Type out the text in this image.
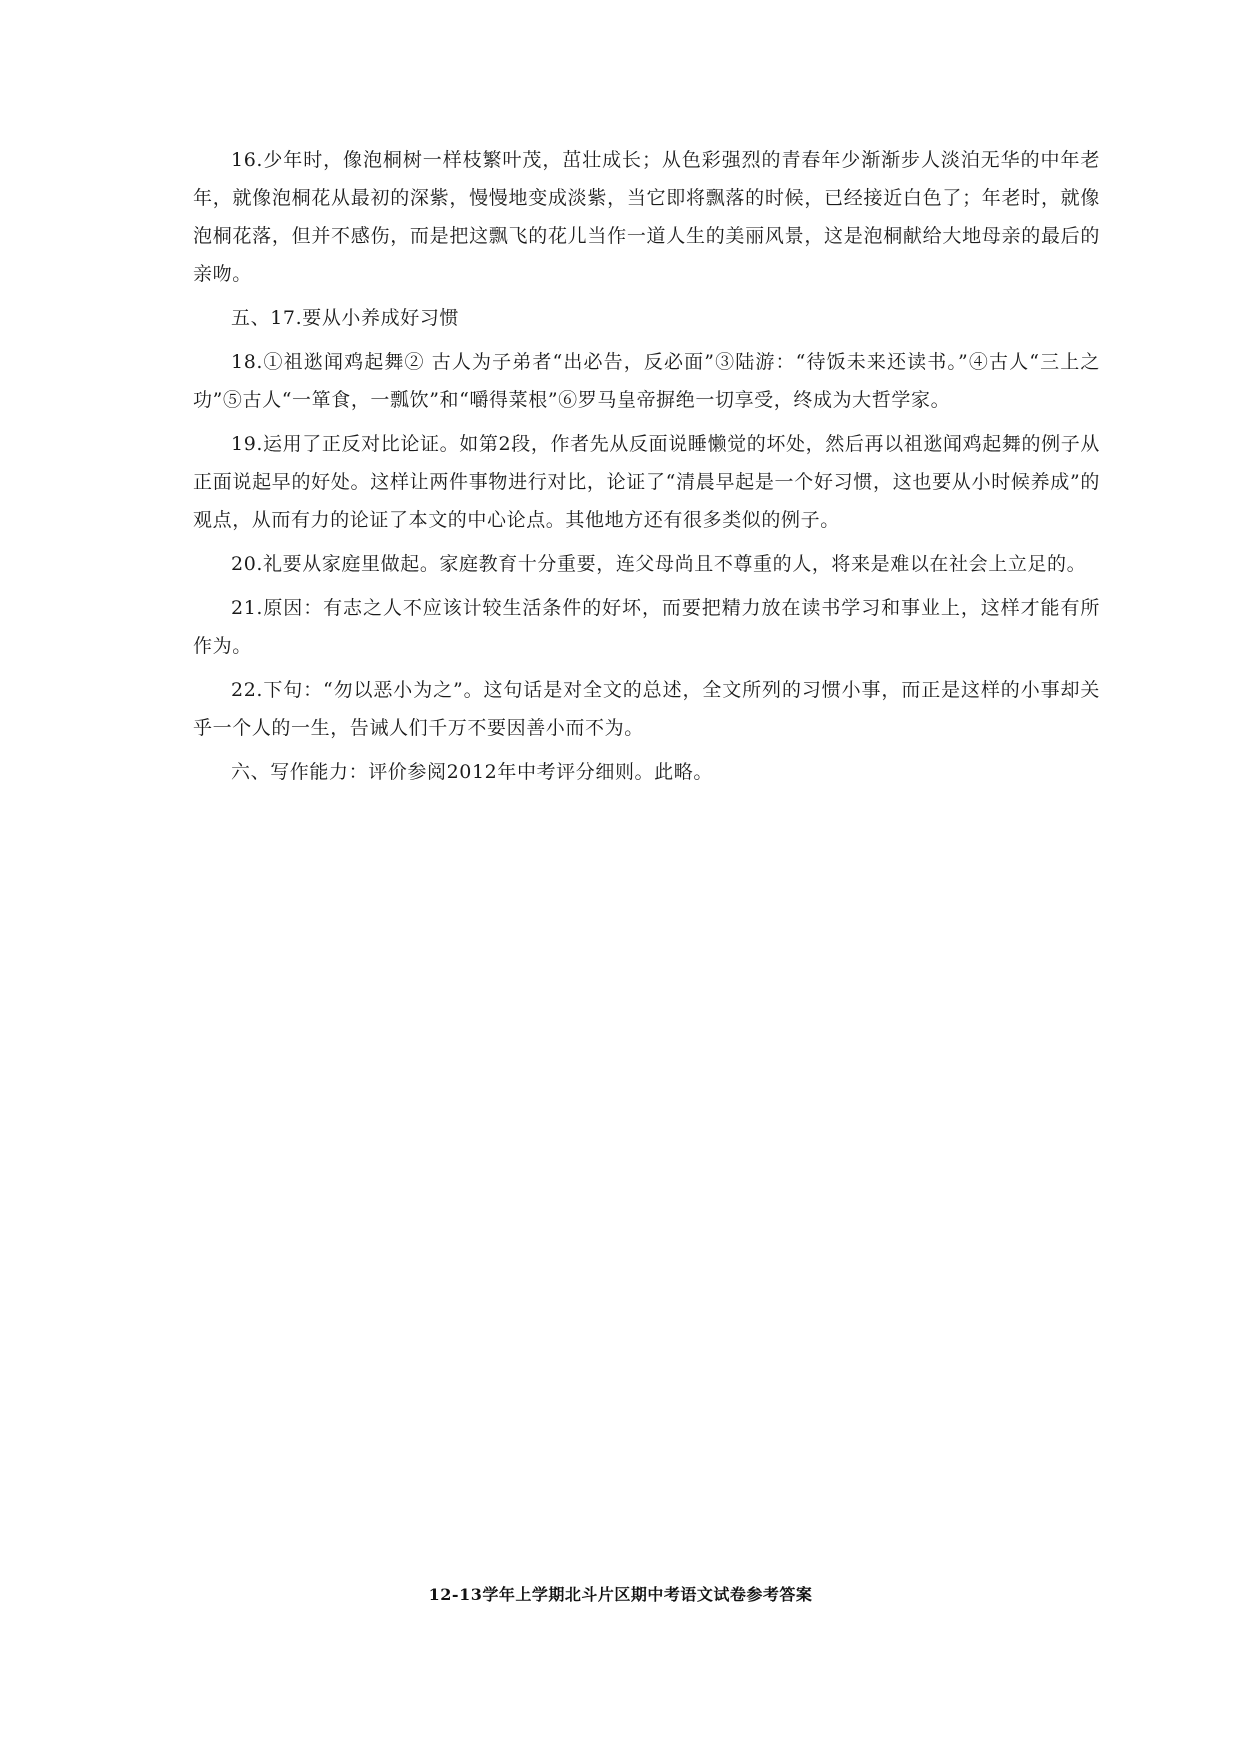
16.少年时，像泡桐树一样枝繁叶茂，茁壮成长；从色彩强烈的青春年少渐渐步人淡泊无华的中年老年，就像泡桐花从最初的深紫，慢慢地变成淡紫，当它即将飘落的时候，已经接近白色了；年老时，就像泡桐花落，但并不感伤，而是把这飘飞的花儿当作一道人生的美丽风景，这是泡桐献给大地母亲的最后的亲吻。

五、17.要从小养成好习惯

18.①祖逖闻鸡起舞② 古人为子弟者“出必告，反必面”③陆游：“待饭未来还读书。”④古人“三上之功”⑤古人“一箪食，一瓢饮”和“嚼得菜根”⑥罗马皇帝摒绝一切享受，终成为大哲学家。

19.运用了正反对比论证。如第2段，作者先从反面说睡懒觉的坏处，然后再以祖逖闻鸡起舞的例子从正面说起早的好处。这样让两件事物进行对比，论证了“清晨早起是一个好习惯，这也要从小时候养成”的观点，从而有力的论证了本文的中心论点。其他地方还有很多类似的例子。

20.礼要从家庭里做起。家庭教育十分重要，连父母尚且不尊重的人，将来是难以在社会上立足的。

21.原因：有志之人不应该计较生活条件的好坏，而要把精力放在读书学习和事业上，这样才能有所作为。

22.下句：“勿以恶小为之”。这句话是对全文的总述，全文所列的习惯小事，而正是这样的小事却关乎一个人的一生，告诫人们千万不要因善小而不为。

六、写作能力：评价参阅2012年中考评分细则。此略。

12-13学年上学期北斗片区期中考语文试卷参考答案
